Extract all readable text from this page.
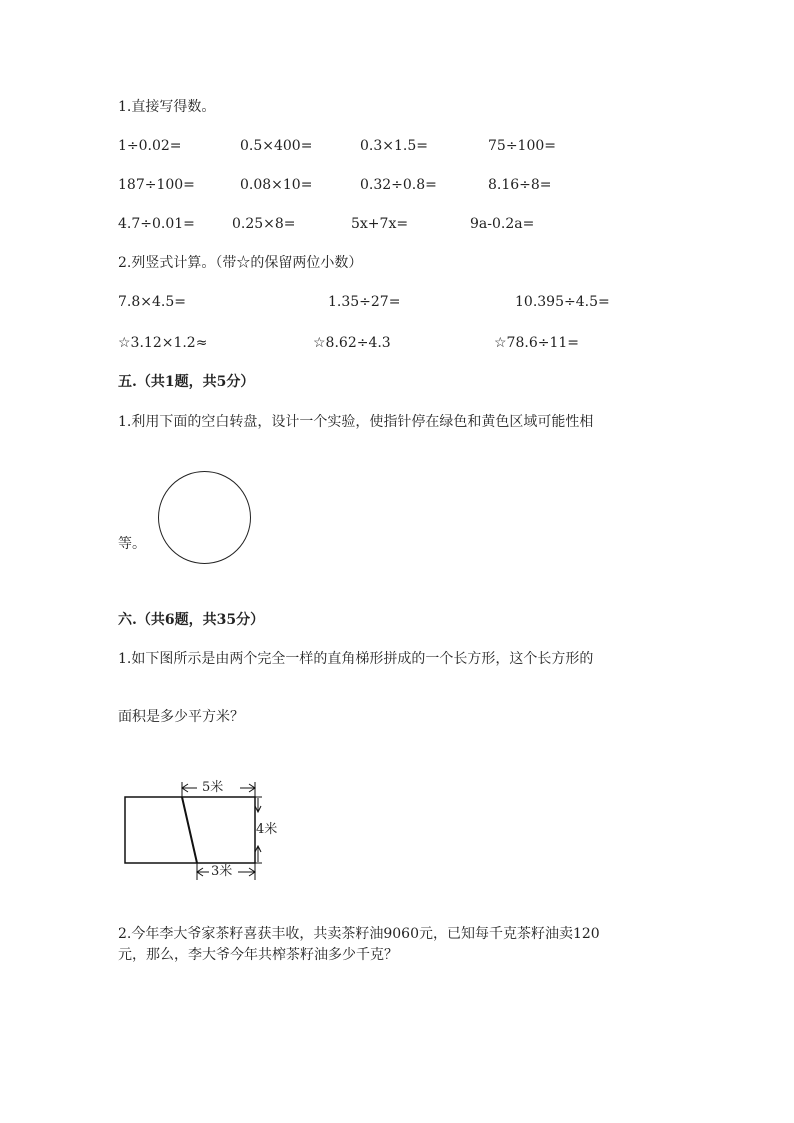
1.直接写得数。
1÷0.02=	0.5×400=	0.3×1.5=	75÷100=
187÷100=	0.08×10=	0.32÷0.8=	8.16÷8=
4.7÷0.01=	0.25×8=	5x+7x=	9a-0.2a=
2.列竖式计算。（带☆的保留两位小数）
7.8×4.5=	1.35÷27=	10.395÷4.5=
☆3.12×1.2≈	☆8.62÷4.3	☆78.6÷11=
五.（共1题，共5分）
1.利用下面的空白转盘，设计一个实验，使指针停在绿色和黄色区域可能性相
等。
六.（共6题，共35分）
1.如下图所示是由两个完全一样的直角梯形拼成的一个长方形，这个长方形的
面积是多少平方米？
5米
3米
4米
2.今年李大爷家茶籽喜获丰收，共卖茶籽油9060元，已知每千克茶籽油卖120
元，那么，李大爷今年共榨茶籽油多少千克？
